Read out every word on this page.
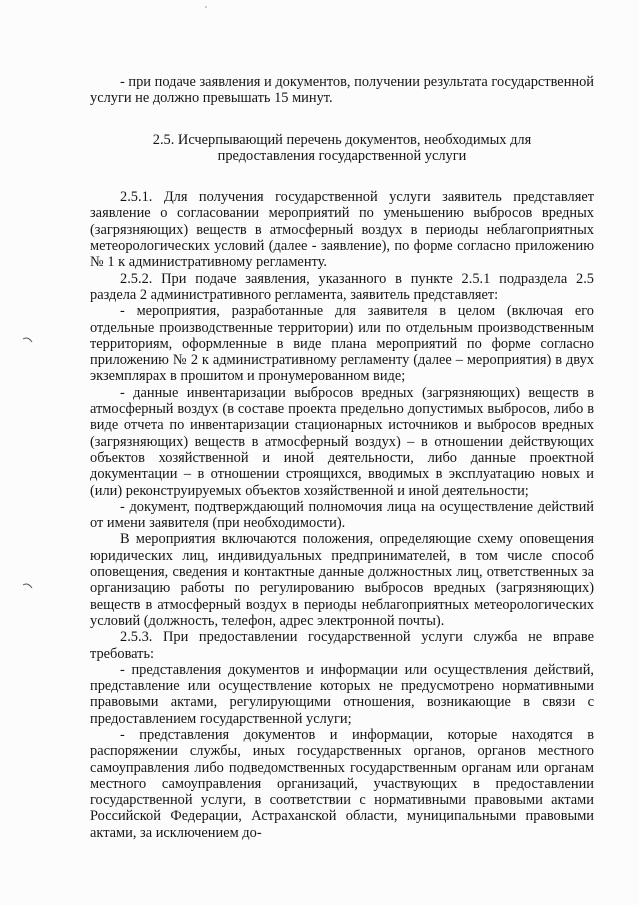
- при подаче заявления и документов, получении результата государственной услуги не должно превышать 15 минут.

2.5. Исчерпывающий перечень документов, необходимых для предоставления государственной услуги

2.5.1. Для получения государственной услуги заявитель представляет заявление о согласовании мероприятий по уменьшению выбросов вредных (загрязняющих) веществ в атмосферный воздух в периоды неблагоприятных метеорологических условий (далее - заявление), по форме согласно приложению № 1 к административному регламенту.

2.5.2. При подаче заявления, указанного в пункте 2.5.1 подраздела 2.5 раздела 2 административного регламента, заявитель представляет:

- мероприятия, разработанные для заявителя в целом (включая его отдельные производственные территории) или по отдельным производственным территориям, оформленные в виде плана мероприятий по форме согласно приложению № 2 к административному регламенту (далее – мероприятия) в двух экземплярах в прошитом и пронумерованном виде;

- данные инвентаризации выбросов вредных (загрязняющих) веществ в атмосферный воздух (в составе проекта предельно допустимых выбросов, либо в виде отчета по инвентаризации стационарных источников и выбросов вредных (загрязняющих) веществ в атмосферный воздух) – в отношении действующих объектов хозяйственной и иной деятельности, либо данные проектной документации – в отношении строящихся, вводимых в эксплуатацию новых и (или) реконструируемых объектов хозяйственной и иной деятельности;

- документ, подтверждающий полномочия лица на осуществление действий от имени заявителя (при необходимости).

В мероприятия включаются положения, определяющие схему оповещения юридических лиц, индивидуальных предпринимателей, в том числе способ оповещения, сведения и контактные данные должностных лиц, ответственных за организацию работы по регулированию выбросов вредных (загрязняющих) веществ в атмосферный воздух в периоды неблагоприятных метеорологических условий (должность, телефон, адрес электронной почты).

2.5.3. При предоставлении государственной услуги служба не вправе требовать:

- представления документов и информации или осуществления действий, представление или осуществление которых не предусмотрено нормативными правовыми актами, регулирующими отношения, возникающие в связи с предоставлением государственной услуги;

- представления документов и информации, которые находятся в распоряжении службы, иных государственных органов, органов местного самоуправления либо подведомственных государственным органам или органам местного самоуправления организаций, участвующих в предоставлении государственной услуги, в соответствии с нормативными правовыми актами Российской Федерации, Астраханской области, муниципальными правовыми актами, за исключением до-
